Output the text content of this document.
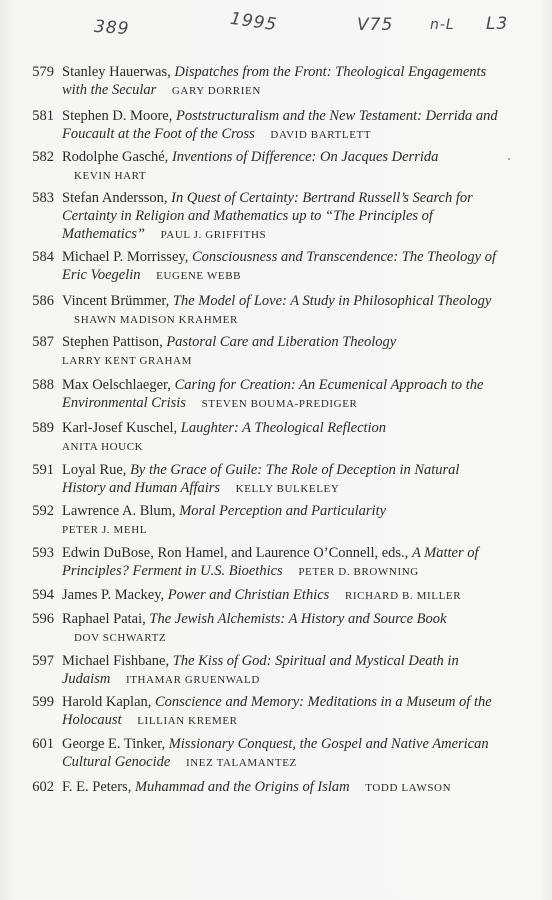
389	1995	V75	n-L L3
579 Stanley Hauerwas, Dispatches from the Front: Theological Engagements with the Secular GARY DORRIEN
581 Stephen D. Moore, Poststructuralism and the New Testament: Derrida and Foucault at the Foot of the Cross DAVID BARTLETT
582 Rodolphe Gasché, Inventions of Difference: On Jacques Derrida KEVIN HART
583 Stefan Andersson, In Quest of Certainty: Bertrand Russell’s Search for Certainty in Religion and Mathematics up to “The Principles of Mathematics” PAUL J. GRIFFITHS
584 Michael P. Morrissey, Consciousness and Transcendence: The Theology of Eric Voegelin EUGENE WEBB
586 Vincent Brümmer, The Model of Love: A Study in Philosophical Theology SHAWN MADISON KRAHMER
587 Stephen Pattison, Pastoral Care and Liberation Theology
LARRY KENT GRAHAM
588 Max Oelschlaeger, Caring for Creation: An Ecumenical Approach to the Environmental Crisis STEVEN BOUMA-PREDIGER
589 Karl-Josef Kuschel, Laughter: A Theological Reflection
ANITA HOUCK
591 Loyal Rue, By the Grace of Guile: The Role of Deception in Natural History and Human Affairs KELLY BULKELEY
592 Lawrence A. Blum, Moral Perception and Particularity
PETER J. MEHL
593 Edwin DuBose, Ron Hamel, and Laurence O’Connell, eds., A Matter of Principles? Ferment in U.S. Bioethics PETER D. BROWNING
594 James P. Mackey, Power and Christian Ethics RICHARD B. MILLER
596 Raphael Patai, The Jewish Alchemists: A History and Source Book DOV SCHWARTZ
597 Michael Fishbane, The Kiss of God: Spiritual and Mystical Death in Judaism ITHAMAR GRUENWALD
599 Harold Kaplan, Conscience and Memory: Meditations in a Museum of the Holocaust LILLIAN KREMER
601 George E. Tinker, Missionary Conquest, the Gospel and Native American Cultural Genocide INEZ TALAMANTEZ
602 F. E. Peters, Muhammad and the Origins of Islam TODD LAWSON
